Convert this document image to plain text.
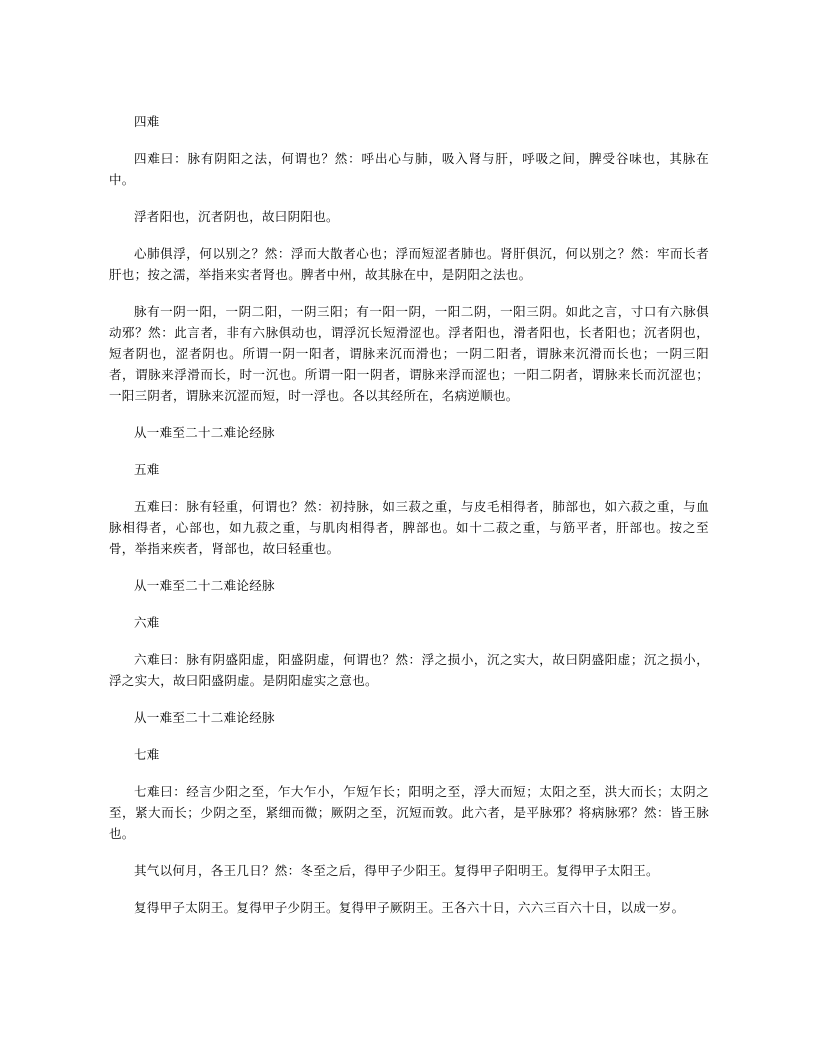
四难

四难曰：脉有阴阳之法，何谓也？然：呼出心与肺，吸入肾与肝，呼吸之间，脾受谷味也，其脉在中。

浮者阳也，沉者阴也，故曰阴阳也。

心肺俱浮，何以别之？然：浮而大散者心也；浮而短涩者肺也。肾肝俱沉，何以别之？然：牢而长者肝也；按之濡，举指来实者肾也。脾者中州，故其脉在中，是阴阳之法也。

脉有一阴一阳，一阴二阳，一阴三阳；有一阳一阴，一阳二阴，一阳三阴。如此之言，寸口有六脉俱动邪？然：此言者，非有六脉俱动也，谓浮沉长短滑涩也。浮者阳也，滑者阳也，长者阳也；沉者阴也，短者阴也，涩者阴也。所谓一阴一阳者，谓脉来沉而滑也；一阴二阳者，谓脉来沉滑而长也；一阴三阳者，谓脉来浮滑而长，时一沉也。所谓一阳一阴者，谓脉来浮而涩也；一阳二阴者，谓脉来长而沉涩也；一阳三阴者，谓脉来沉涩而短，时一浮也。各以其经所在，名病逆顺也。

从一难至二十二难论经脉

五难

五难曰：脉有轻重，何谓也？然：初持脉，如三菽之重，与皮毛相得者，肺部也，如六菽之重，与血脉相得者，心部也，如九菽之重，与肌肉相得者，脾部也。如十二菽之重，与筋平者，肝部也。按之至骨，举指来疾者，肾部也，故曰轻重也。

从一难至二十二难论经脉

六难

六难曰：脉有阴盛阳虚，阳盛阴虚，何谓也？然：浮之损小，沉之实大，故曰阴盛阳虚；沉之损小，浮之实大，故曰阳盛阴虚。是阴阳虚实之意也。

从一难至二十二难论经脉

七难

七难曰：经言少阳之至，乍大乍小，乍短乍长；阳明之至，浮大而短；太阳之至，洪大而长；太阴之至，紧大而长；少阴之至，紧细而微；厥阴之至，沉短而敦。此六者，是平脉邪？将病脉邪？然：皆王脉也。

其气以何月，各王几日？然：冬至之后，得甲子少阳王。复得甲子阳明王。复得甲子太阳王。

复得甲子太阴王。复得甲子少阴王。复得甲子厥阴王。王各六十日，六六三百六十日，以成一岁。
